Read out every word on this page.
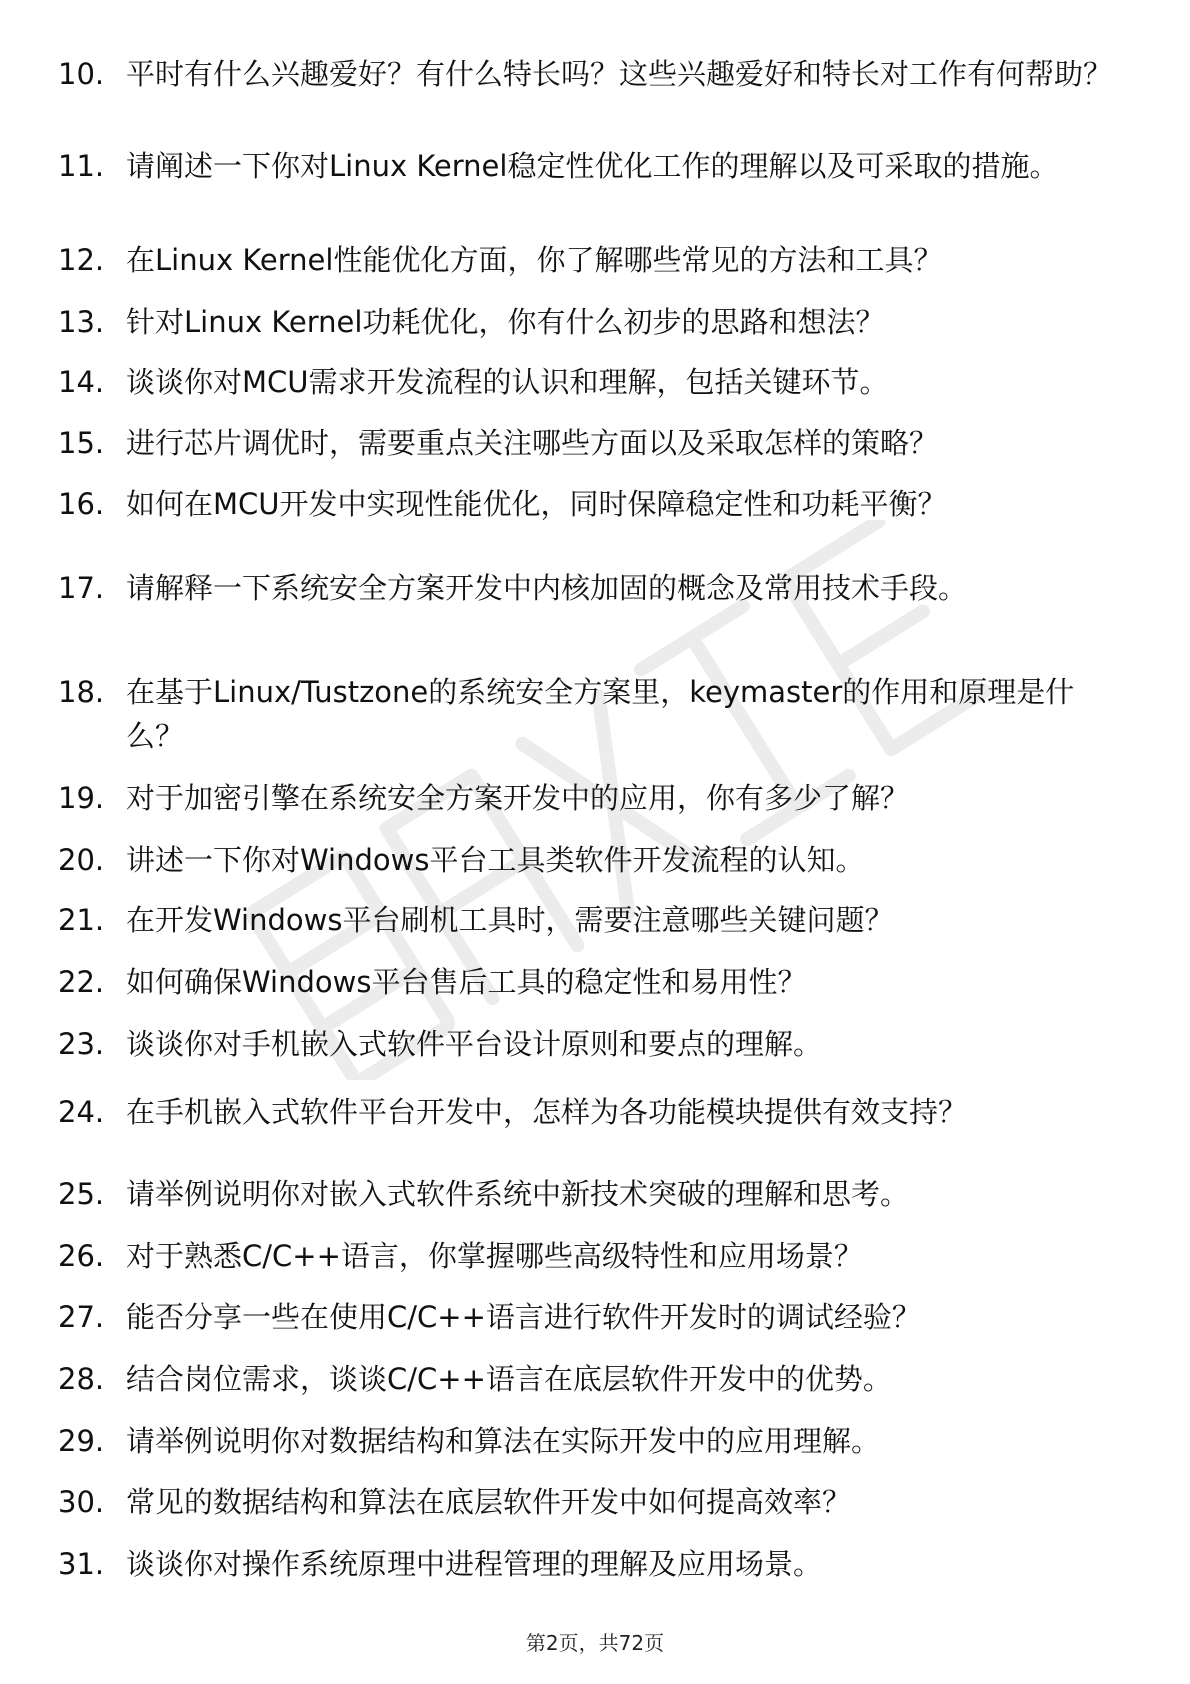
10. 平时有什么兴趣爱好？有什么特长吗？这些兴趣爱好和特长对工作有何帮助？
11. 请阐述一下你对Linux Kernel稳定性优化工作的理解以及可采取的措施。
12. 在Linux Kernel性能优化方面，你了解哪些常见的方法和工具？
13. 针对Linux Kernel功耗优化，你有什么初步的思路和想法？
14. 谈谈你对MCU需求开发流程的认识和理解，包括关键环节。
15. 进行芯片调优时，需要重点关注哪些方面以及采取怎样的策略？
16. 如何在MCU开发中实现性能优化，同时保障稳定性和功耗平衡？
17. 请解释一下系统安全方案开发中内核加固的概念及常用技术手段。
18. 在基于Linux/Tustzone的系统安全方案里，keymaster的作用和原理是什么？
19. 对于加密引擎在系统安全方案开发中的应用，你有多少了解？
20. 讲述一下你对Windows平台工具类软件开发流程的认知。
21. 在开发Windows平台刷机工具时，需要注意哪些关键问题？
22. 如何确保Windows平台售后工具的稳定性和易用性？
23. 谈谈你对手机嵌入式软件平台设计原则和要点的理解。
24. 在手机嵌入式软件平台开发中，怎样为各功能模块提供有效支持？
25. 请举例说明你对嵌入式软件系统中新技术突破的理解和思考。
26. 对于熟悉C/C++语言，你掌握哪些高级特性和应用场景？
27. 能否分享一些在使用C/C++语言进行软件开发时的调试经验？
28. 结合岗位需求，谈谈C/C++语言在底层软件开发中的优势。
29. 请举例说明你对数据结构和算法在实际开发中的应用理解。
30. 常见的数据结构和算法在底层软件开发中如何提高效率？
31. 谈谈你对操作系统原理中进程管理的理解及应用场景。
第2页，共72页
